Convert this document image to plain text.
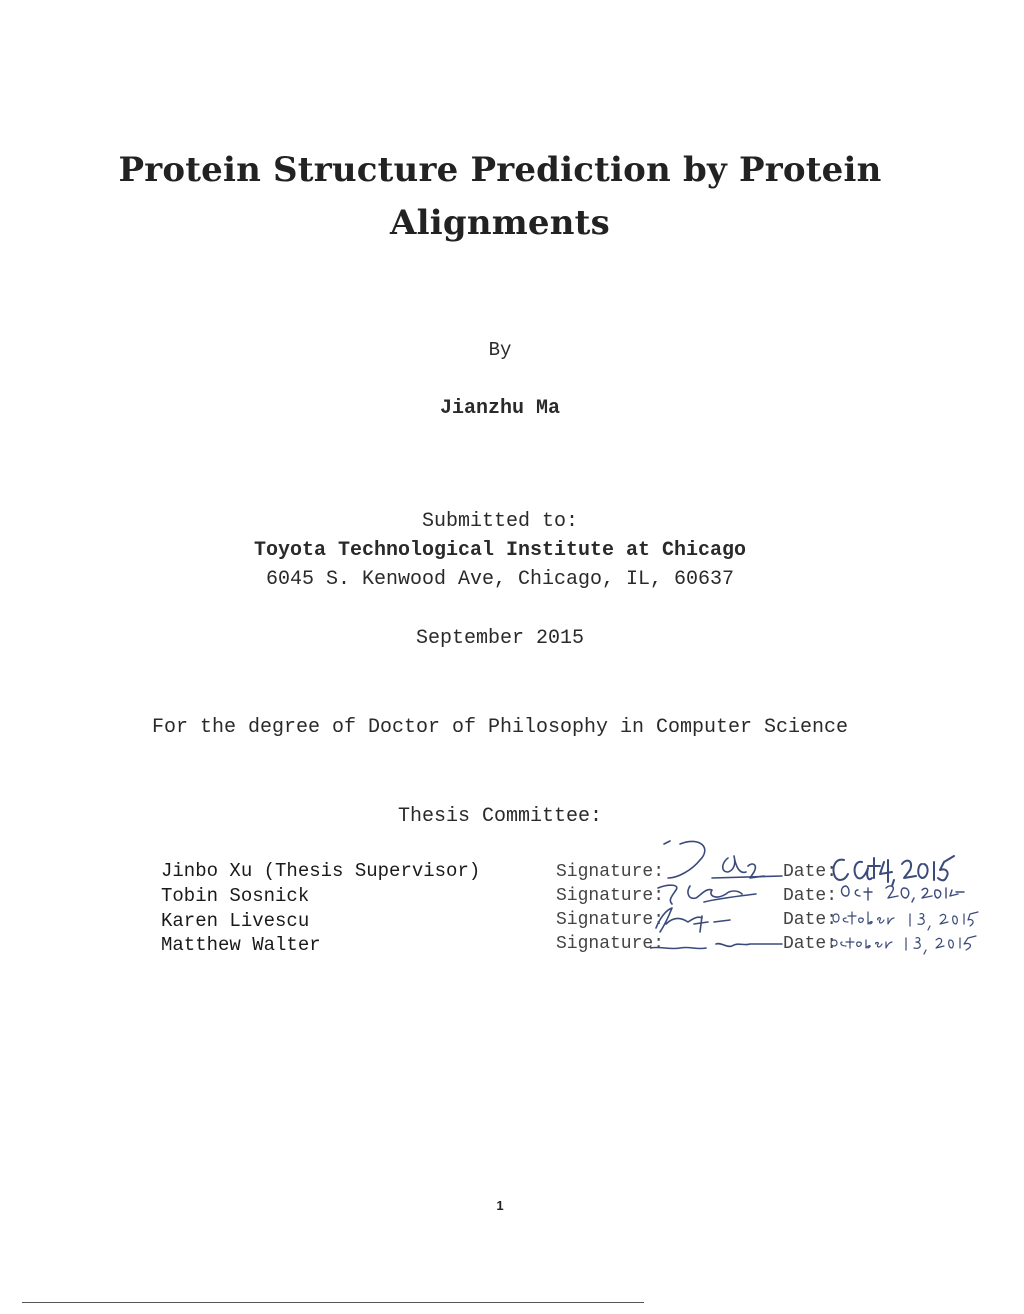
Protein Structure Prediction by Protein
Alignments
By
Jianzhu Ma
Submitted to:
Toyota Technological Institute at Chicago
6045 S. Kenwood Ave, Chicago, IL, 60637
September 2015
For the degree of Doctor of Philosophy in Computer Science
Thesis Committee:
Jinbo Xu (Thesis Supervisor)
Tobin Sosnick
Karen Livescu
Matthew Walter
Signature:
Signature:
Signature:
Signature:
Date:
Date:
Date:
Date:
1
